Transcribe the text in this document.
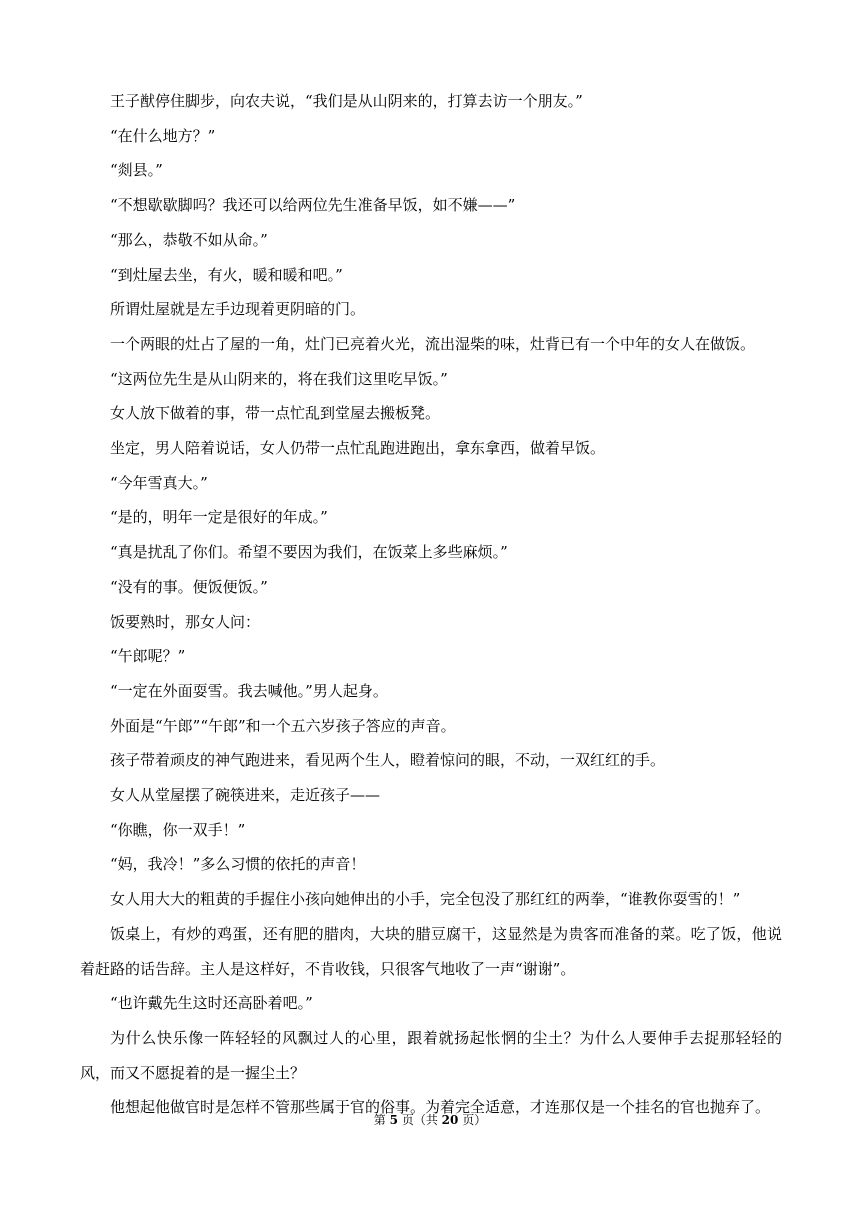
王子猷停住脚步，向农夫说，“我们是从山阴来的，打算去访一个朋友。”

“在什么地方？”

“剡县。”

“不想歇歇脚吗？我还可以给两位先生准备早饭，如不嫌——”

“那么，恭敬不如从命。”

“到灶屋去坐，有火，暖和暖和吧。”

所谓灶屋就是左手边现着更阴暗的门。

一个两眼的灶占了屋的一角，灶门已亮着火光，流出湿柴的味，灶背已有一个中年的女人在做饭。

“这两位先生是从山阴来的，将在我们这里吃早饭。”

女人放下做着的事，带一点忙乱到堂屋去搬板凳。

坐定，男人陪着说话，女人仍带一点忙乱跑进跑出，拿东拿西，做着早饭。

“今年雪真大。”

“是的，明年一定是很好的年成。”

“真是扰乱了你们。希望不要因为我们，在饭菜上多些麻烦。”

“没有的事。便饭便饭。”

饭要熟时，那女人问：

“午郎呢？”

“一定在外面耍雪。我去喊他。”男人起身。

外面是“午郎”“午郎”和一个五六岁孩子答应的声音。

孩子带着顽皮的神气跑进来，看见两个生人，瞪着惊问的眼，不动，一双红红的手。

女人从堂屋摆了碗筷进来，走近孩子——

“你瞧，你一双手！”

“妈，我冷！”多么习惯的依托的声音！

女人用大大的粗黄的手握住小孩向她伸出的小手，完全包没了那红红的两拳，“谁教你耍雪的！”

饭桌上，有炒的鸡蛋，还有肥的腊肉，大块的腊豆腐干，这显然是为贵客而准备的菜。吃了饭，他说着赶路的话告辞。主人是这样好，不肯收钱，只很客气地收了一声“谢谢”。

“也许戴先生这时还高卧着吧。”

为什么快乐像一阵轻轻的风飘过人的心里，跟着就扬起怅惘的尘土？为什么人要伸手去捉那轻轻的风，而又不愿捉着的是一握尘土？

他想起他做官时是怎样不管那些属于官的俗事。为着完全适意，才连那仅是一个挂名的官也抛弃了。

第 5 页（共 20 页）
